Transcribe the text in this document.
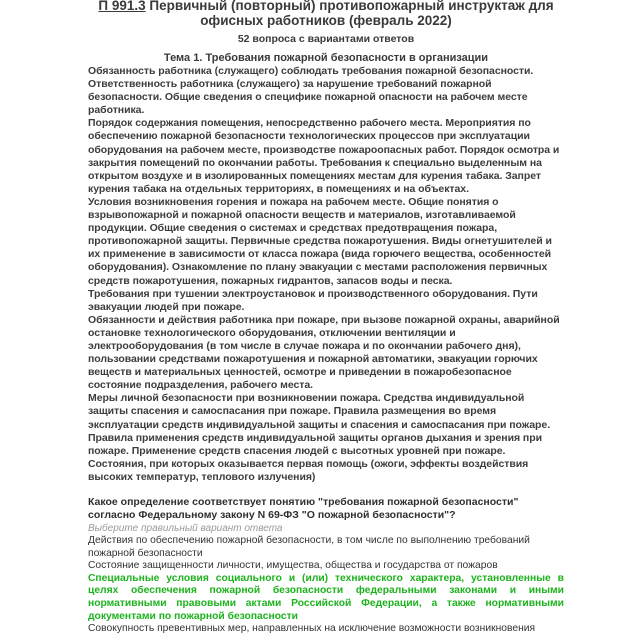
П 991.3 Первичный (повторный) противопожарный инструктаж для офисных работников (февраль 2022)
52 вопроса с вариантами ответов
Тема 1. Требования пожарной безопасности в организации

Обязанность работника (служащего) соблюдать требования пожарной безопасности. Ответственность работника (служащего) за нарушение требований пожарной безопасности. Общие сведения о специфике пожарной опасности на рабочем месте работника.

Порядок содержания помещения, непосредственно рабочего места. Мероприятия по обеспечению пожарной безопасности технологических процессов при эксплуатации оборудования на рабочем месте, производстве пожароопасных работ. Порядок осмотра и закрытия помещений по окончании работы. Требования к специально выделенным на открытом воздухе и в изолированных помещениях местам для курения табака. Запрет курения табака на отдельных территориях, в помещениях и на объектах.

Условия возникновения горения и пожара на рабочем месте. Общие понятия о взрывопожарной и пожарной опасности веществ и материалов, изготавливаемой продукции. Общие сведения о системах и средствах предотвращения пожара, противопожарной защиты. Первичные средства пожаротушения. Виды огнетушителей и их применение в зависимости от класса пожара (вида горючего вещества, особенностей оборудования). Ознакомление по плану эвакуации с местами расположения первичных средств пожаротушения, пожарных гидрантов, запасов воды и песка.

Требования при тушении электроустановок и производственного оборудования. Пути эвакуации людей при пожаре.

Обязанности и действия работника при пожаре, при вызове пожарной охраны, аварийной остановке технологического оборудования, отключении вентиляции и электрооборудования (в том числе в случае пожара и по окончании рабочего дня), пользовании средствами пожаротушения и пожарной автоматики, эвакуации горючих веществ и материальных ценностей, осмотре и приведении в пожаробезопасное состояние подразделения, рабочего места.

Меры личной безопасности при возникновении пожара. Средства индивидуальной защиты спасения и самоспасания при пожаре. Правила размещения во время эксплуатации средств индивидуальной защиты и спасения и самоспасания при пожаре. Правила применения средств индивидуальной защиты органов дыхания и зрения при пожаре. Применение средств спасения людей с высотных уровней при пожаре.

Состояния, при которых оказывается первая помощь (ожоги, эффекты воздействия высоких температур, теплового излучения)

Какое определение соответствует понятию "требования пожарной безопасности" согласно Федеральному закону N 69-ФЗ "О пожарной безопасности"?
Выберите правильный вариант ответа
Действия по обеспечению пожарной безопасности, в том числе по выполнению требований пожарной безопасности
Состояние защищенности личности, имущества, общества и государства от пожаров
Специальные условия социального и (или) технического характера, установленные в целях обеспечения пожарной безопасности федеральными законами и иными нормативными правовыми актами Российской Федерации, а также нормативными документами по пожарной безопасности
Совокупность превентивных мер, направленных на исключение возможности возникновения
